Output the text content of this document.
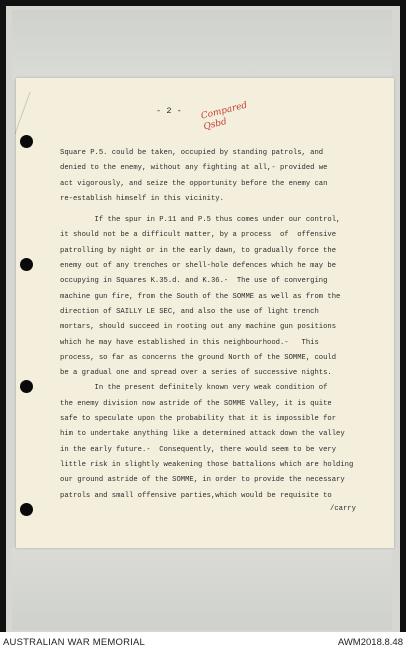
- 2 - Compared
Qsbd
Square P.5. could be taken, occupied by standing patrols, and
denied to the enemy, without any fighting at all,- provided we
act vigorously, and seize the opportunity before the enemy can
re-establish himself in this vicinity.
If the spur in P.11 and P.5 thus comes under our control,
it should not be a difficult matter, by a process  of  offensive
patrolling by night or in the early dawn, to gradually force the
enemy out of any trenches or shell-hole defences which he may be
occupying in Squares K.35.d. and K.36.-  The use of converging
machine gun fire, from the South of the SOMME as well as from the
direction of SAILLY LE SEC, and also the use of light trench
mortars, should succeed in rooting out any machine gun positions
which he may have established in this neighbourhood.-   This
process, so far as concerns the ground North of the SOMME, could
be a gradual one and spread over a series of successive nights.
In the present definitely known very weak condition of
the enemy division now astride of the SOMME Valley, it is quite
safe to speculate upon the probability that it is impossible for
him to undertake anything like a determined attack down the valley
in the early future.-  Consequently, there would seem to be very
little risk in slightly weakening those battalions which are holding
our ground astride of the SOMME, in order to provide the necessary
patrols and small offensive parties,which would be requisite to
/carry
AUSTRALIAN WAR MEMORIAL	AWM2018.8.48
